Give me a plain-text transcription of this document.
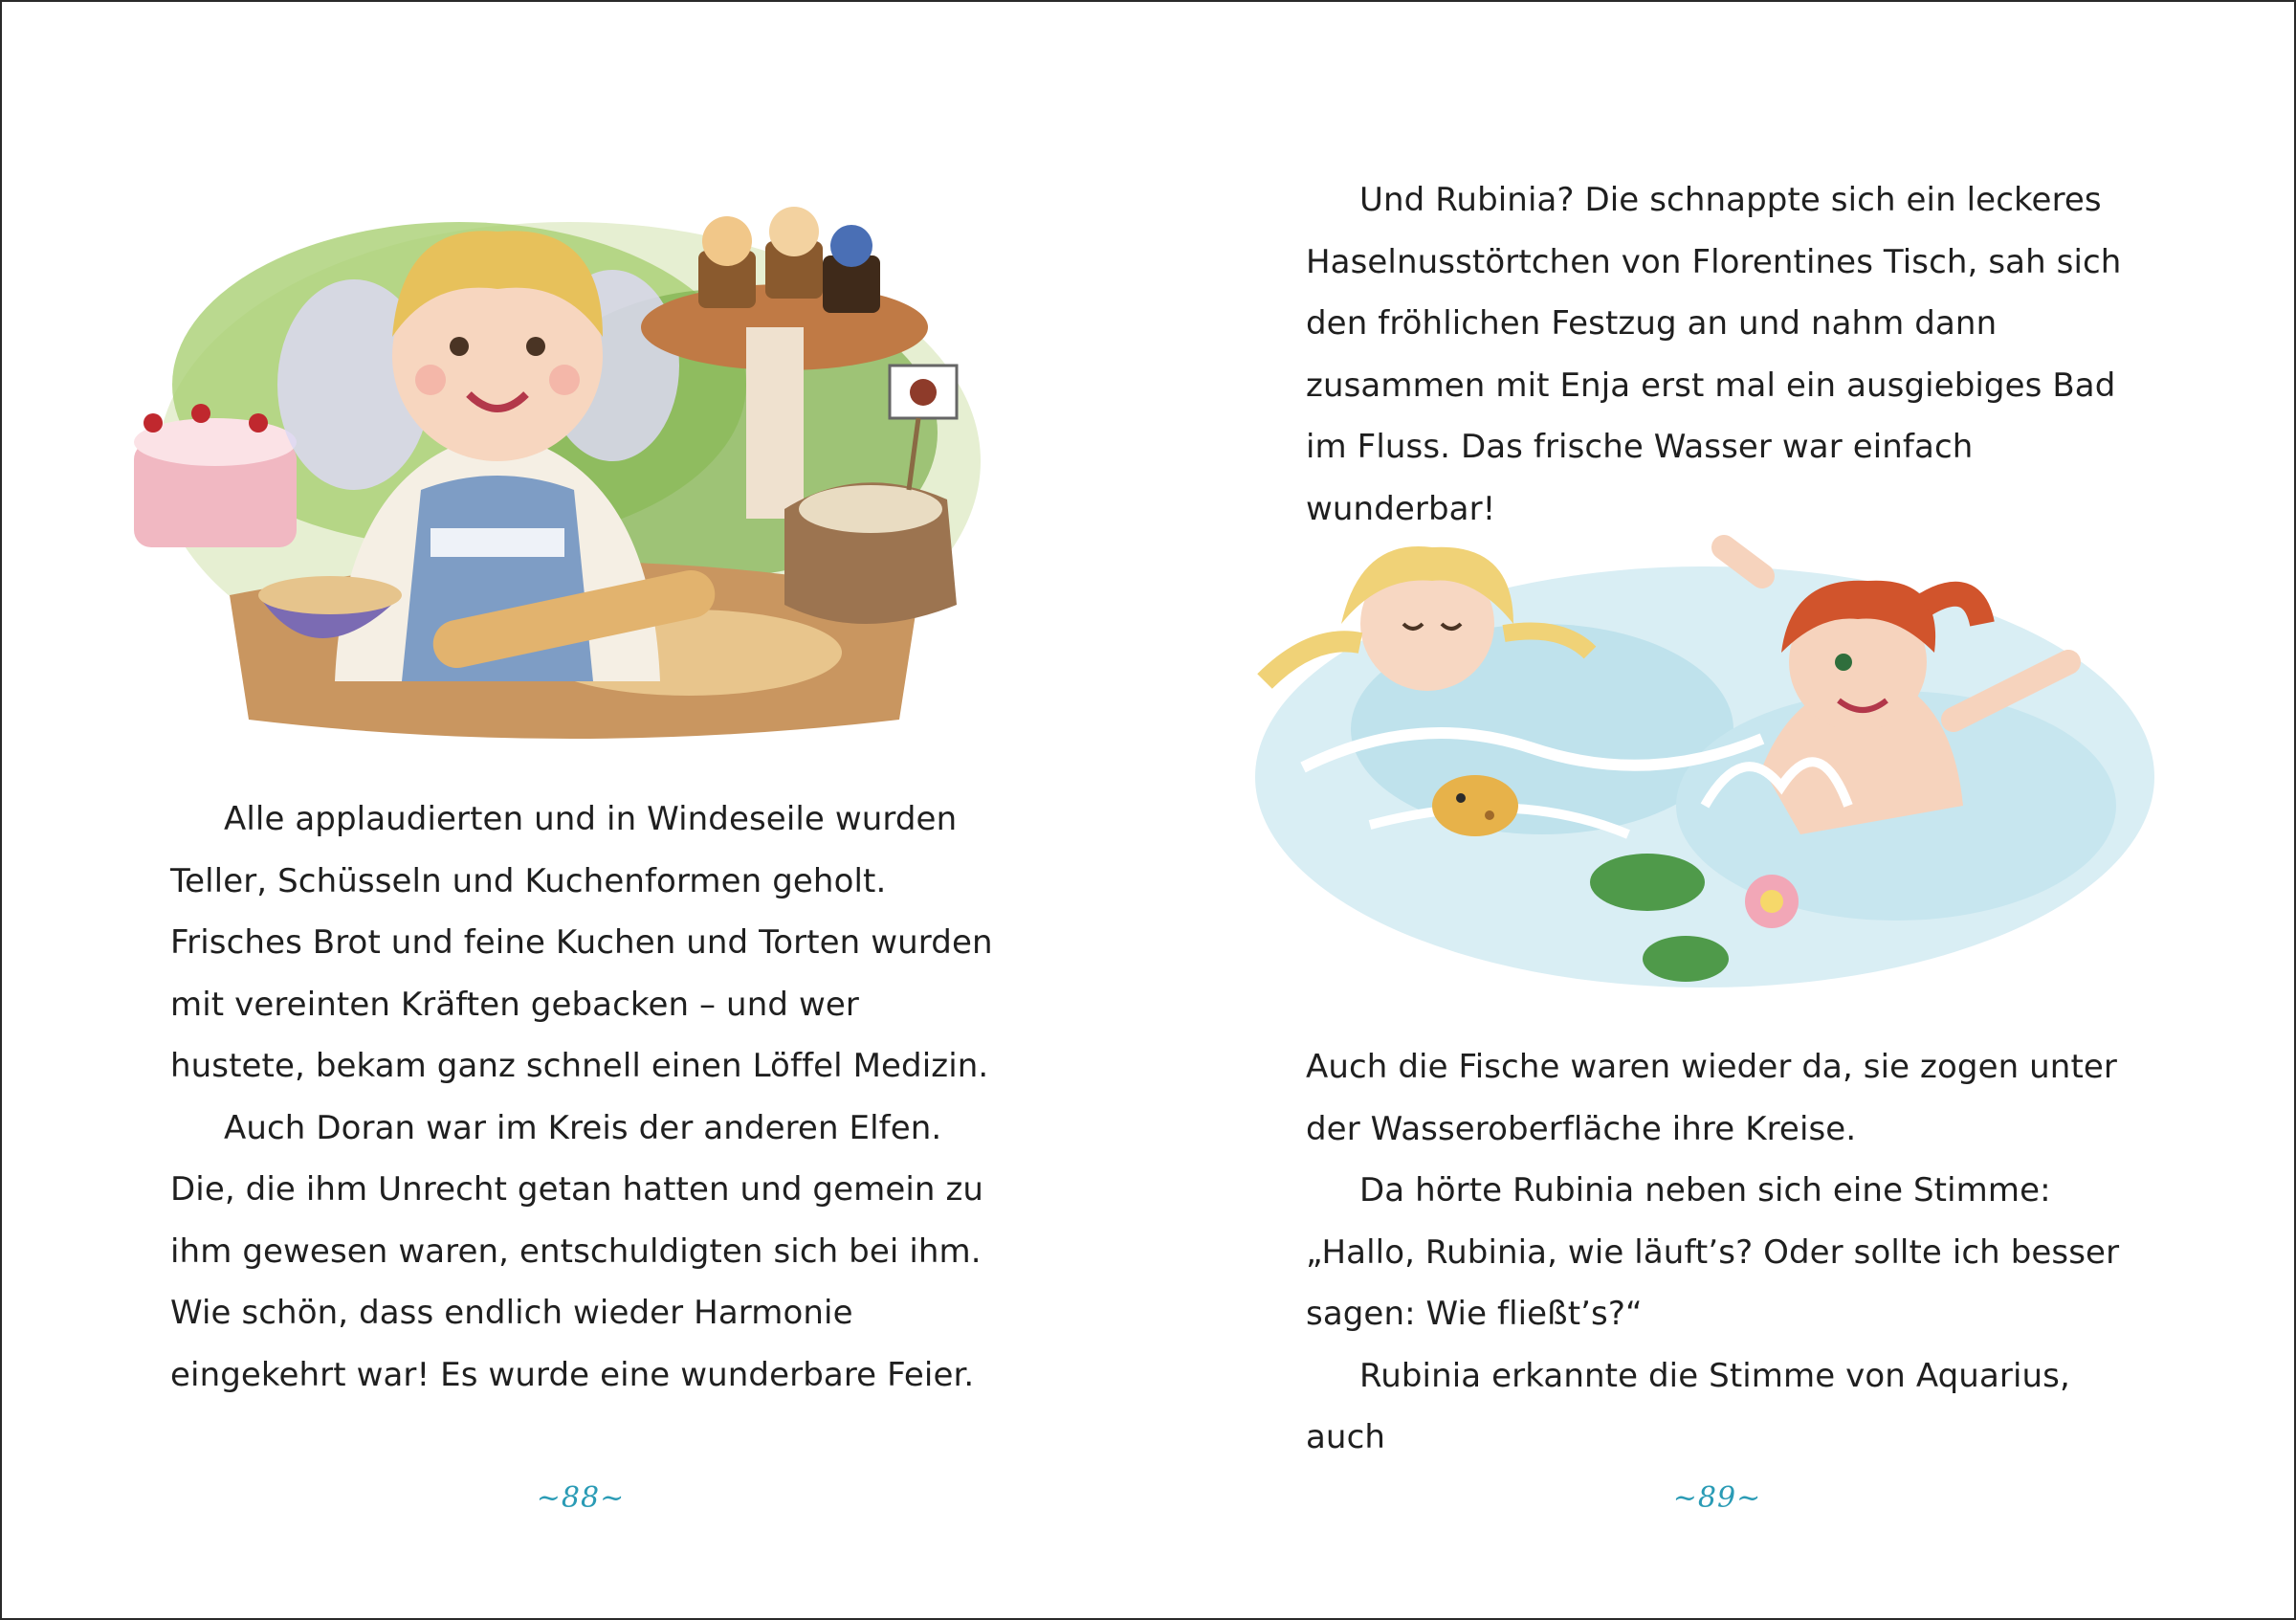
Alle applaudierten und in Windeseile wurden Teller, Schüsseln und Kuchenformen geholt. Frisches Brot und feine Kuchen und Torten wurden mit vereinten Kräften gebacken – und wer hustete, bekam ganz schnell einen Löffel Medizin.

Auch Doran war im Kreis der anderen Elfen. Die, die ihm Unrecht getan hatten und gemein zu ihm gewesen waren, entschuldigten sich bei ihm. Wie schön, dass endlich wieder Harmonie eingekehrt war! Es wurde eine wunderbare Feier.

~88~

Und Rubinia? Die schnappte sich ein leckeres Haselnusstörtchen von Florentines Tisch, sah sich den fröhlichen Festzug an und nahm dann zusammen mit Enja erst mal ein ausgiebiges Bad im Fluss. Das frische Wasser war einfach wunderbar!

Auch die Fische waren wieder da, sie zogen unter der Wasseroberfläche ihre Kreise.

Da hörte Rubinia neben sich eine Stimme: „Hallo, Rubinia, wie läuft’s? Oder sollte ich besser sagen: Wie fließt’s?“

Rubinia erkannte die Stimme von Aquarius, auch

~89~
